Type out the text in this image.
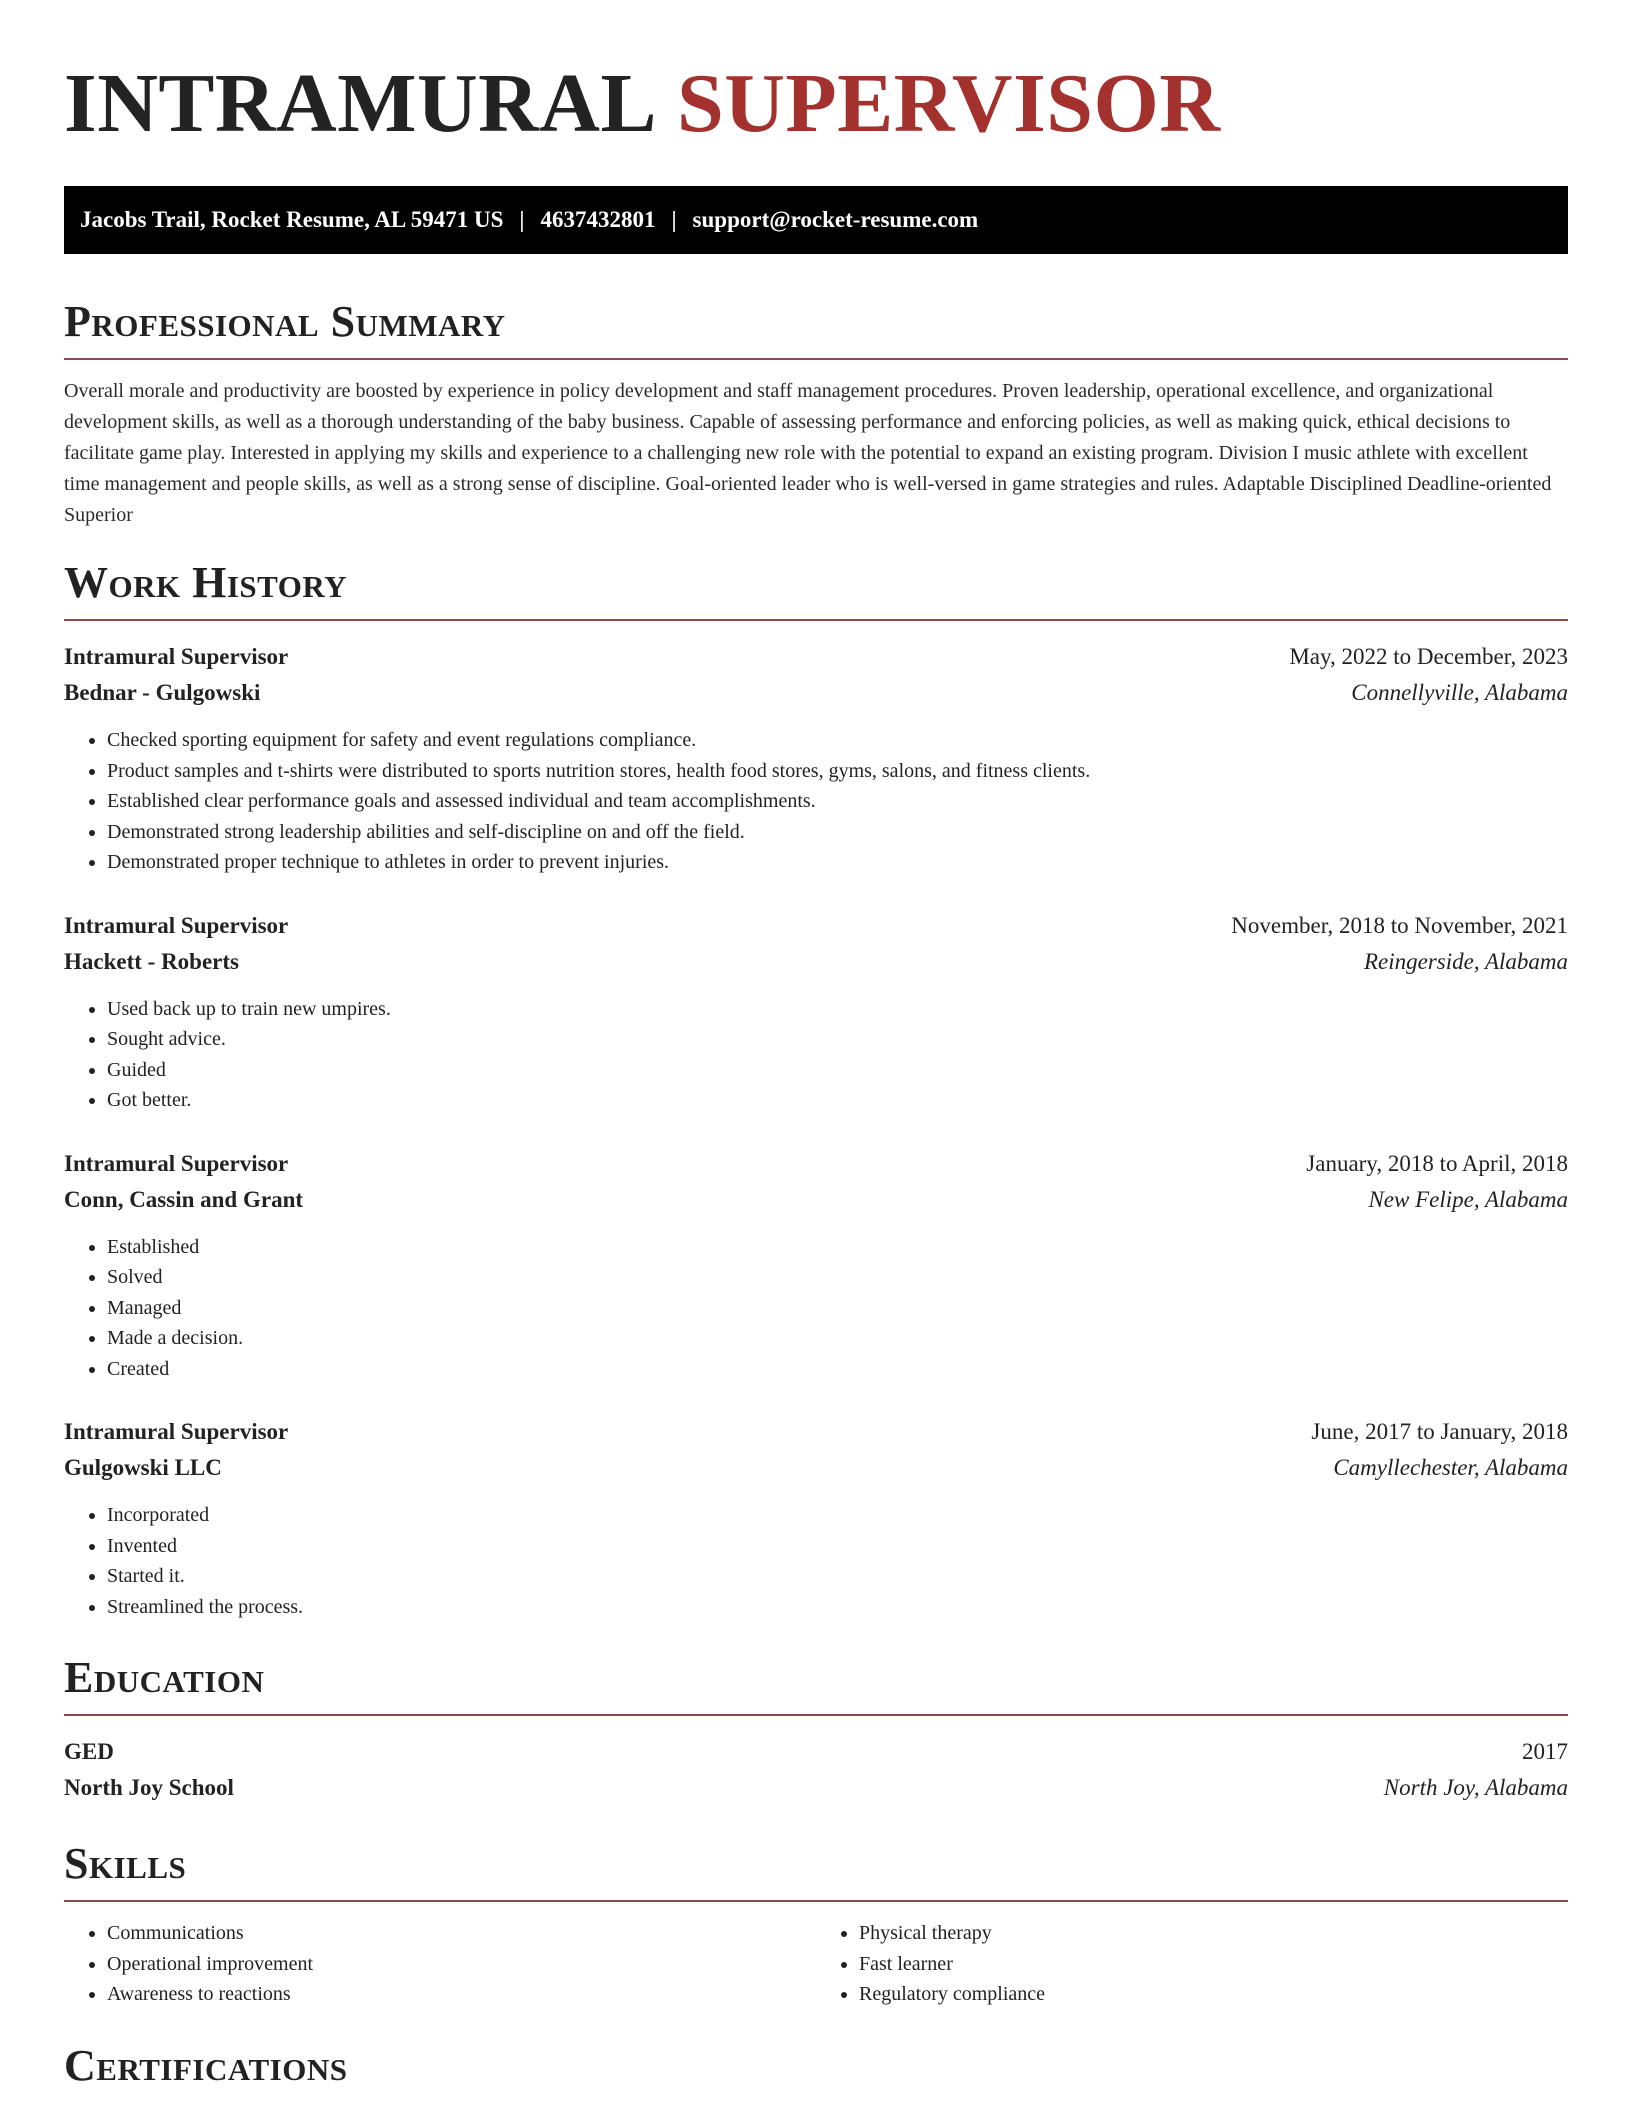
INTRAMURAL SUPERVISOR
Jacobs Trail, Rocket Resume, AL 59471 US | 4637432801 | support@rocket-resume.com
Professional Summary

Overall morale and productivity are boosted by experience in policy development and staff management procedures. Proven leadership, operational excellence, and organizational development skills, as well as a thorough understanding of the baby business. Capable of assessing performance and enforcing policies, as well as making quick, ethical decisions to facilitate game play. Interested in applying my skills and experience to a challenging new role with the potential to expand an existing program. Division I music athlete with excellent time management and people skills, as well as a strong sense of discipline. Goal-oriented leader who is well-versed in game strategies and rules. Adaptable Disciplined Deadline-oriented Superior

Work History
Intramural Supervisor	May, 2022 to December, 2023
Bednar - Gulgowski	Connellyville, Alabama
• Checked sporting equipment for safety and event regulations compliance.
• Product samples and t-shirts were distributed to sports nutrition stores, health food stores, gyms, salons, and fitness clients.
• Established clear performance goals and assessed individual and team accomplishments.
• Demonstrated strong leadership abilities and self-discipline on and off the field.
• Demonstrated proper technique to athletes in order to prevent injuries.
Intramural Supervisor	November, 2018 to November, 2021
Hackett - Roberts	Reingerside, Alabama
• Used back up to train new umpires.
• Sought advice.
• Guided
• Got better.
Intramural Supervisor	January, 2018 to April, 2018
Conn, Cassin and Grant	New Felipe, Alabama
• Established
• Solved
• Managed
• Made a decision.
• Created
Intramural Supervisor	June, 2017 to January, 2018
Gulgowski LLC	Camyllechester, Alabama
• Incorporated
• Invented
• Started it.
• Streamlined the process.
Education
GED	2017
North Joy School	North Joy, Alabama
Skills
• Communications
• Operational improvement
• Awareness to reactions
• Physical therapy
• Fast learner
• Regulatory compliance
Certifications
